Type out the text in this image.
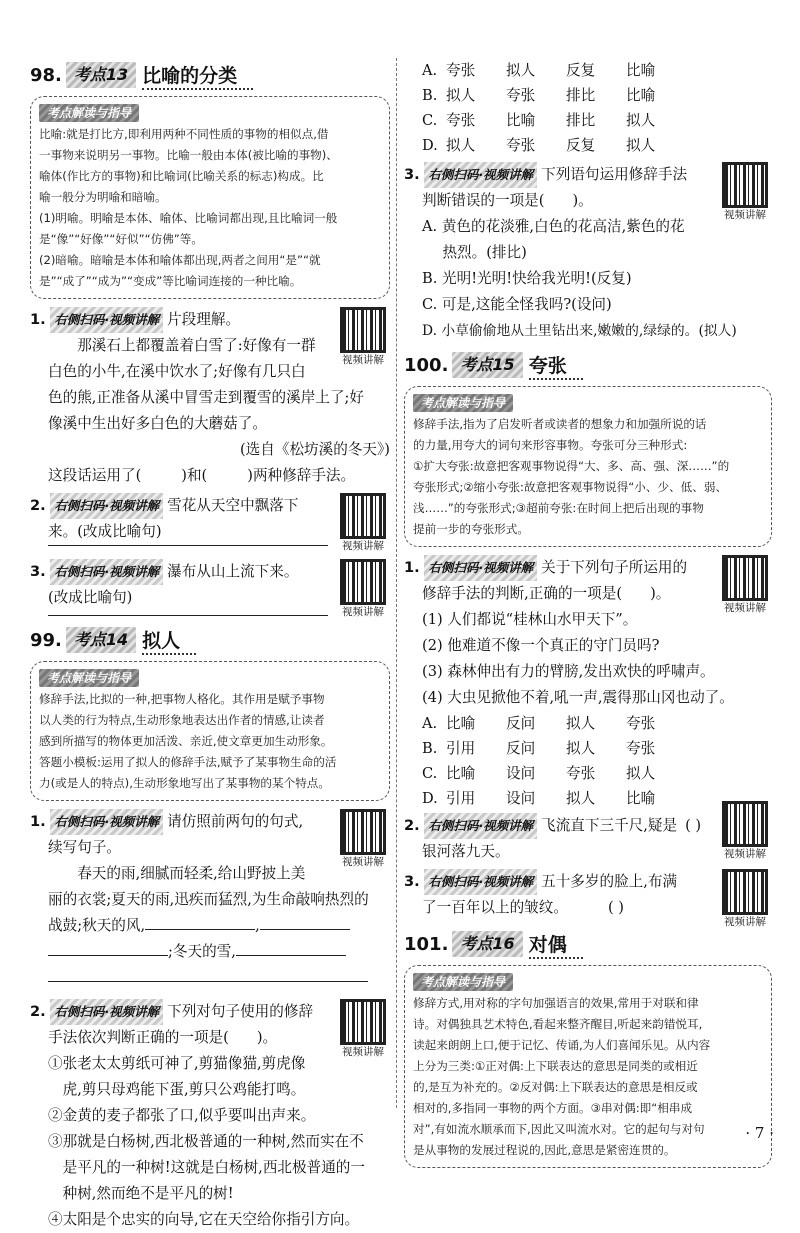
98. 考点13 比喻的分类
考点解读与指导
比喻:就是打比方,即利用两种不同性质的事物的相似点,借
一事物来说明另一事物。比喻一般由本体(被比喻的事物)、
喻体(作比方的事物)和比喻词(比喻关系的标志)构成。比
喻一般分为明喻和暗喻。
(1)明喻。明喻是本体、喻体、比喻词都出现,且比喻词一般
是“像”“好像”“好似”“仿佛”等。
(2)暗喻。暗喻是本体和喻体都出现,两者之间用“是”“就
是”“成了”“成为”“变成”等比喻词连接的一种比喻。
视频讲解
1. 右侧扫码·视频讲解 片段理解。
那溪石上都覆盖着白雪了:好像有一群
白色的小牛,在溪中饮水了;好像有几只白
色的熊,正准备从溪中冒雪走到覆雪的溪岸上了;好
像溪中生出好多白色的大蘑菇了。
(选自《松坊溪的冬天》)
这段话运用了(	)和(	)两种修辞手法。
视频讲解
2. 右侧扫码·视频讲解 雪花从天空中飘落下
来。(改成比喻句)
视频讲解
3. 右侧扫码·视频讲解 瀑布从山上流下来。
(改成比喻句)
99. 考点14 拟人
考点解读与指导
修辞手法,比拟的一种,把事物人格化。其作用是赋予事物
以人类的行为特点,生动形象地表达出作者的情感,让读者
感到所描写的物体更加活泼、亲近,使文章更加生动形象。
答题小模板:运用了拟人的修辞手法,赋予了某事物生命的活
力(或是人的特点),生动形象地写出了某事物的某个特点。
视频讲解
1. 右侧扫码·视频讲解 请仿照前两句的句式,
续写句子。
春天的雨,细腻而轻柔,给山野披上美
丽的衣裳;夏天的雨,迅疾而猛烈,为生命敲响热烈的
战鼓;秋天的风,	,
;冬天的雪,
视频讲解
2. 右侧扫码·视频讲解 下列对句子使用的修辞
手法依次判断正确的一项是( )。
①张老太太剪纸可神了,剪猫像猫,剪虎像
虎,剪只母鸡能下蛋,剪只公鸡能打鸣。
②金黄的麦子都张了口,似乎要叫出声来。
③那就是白杨树,西北极普通的一种树,然而实在不
是平凡的一种树!这就是白杨树,西北极普通的一
种树,然而绝不是平凡的树!
④太阳是个忠实的向导,它在天空给你指引方向。
A. 夸张	拟人	反复	比喻
B. 拟人	夸张	排比	比喻
C. 夸张	比喻	排比	拟人
D. 拟人	夸张	反复	拟人
视频讲解
3. 右侧扫码·视频讲解 下列语句运用修辞手法
判断错误的一项是( )。
A. 黄色的花淡雅,白色的花高洁,紫色的花
热烈。(排比)
B. 光明!光明!快给我光明!(反复)
C. 可是,这能全怪我吗?(设问)
D. 小草偷偷地从土里钻出来,嫩嫩的,绿绿的。(拟人)
100. 考点15 夸张
考点解读与指导
修辞手法,指为了启发听者或读者的想象力和加强所说的话
的力量,用夸大的词句来形容事物。夸张可分三种形式:
①扩大夸张:故意把客观事物说得“大、多、高、强、深……”的
夸张形式;②缩小夸张:故意把客观事物说得“小、少、低、弱、
浅……”的夸张形式;③超前夸张:在时间上把后出现的事物
提前一步的夸张形式。
视频讲解
1. 右侧扫码·视频讲解 关于下列句子所运用的
修辞手法的判断,正确的一项是( )。
(1) 人们都说“桂林山水甲天下”。
(2) 他难道不像一个真正的守门员吗?
(3) 森林伸出有力的臂膀,发出欢快的呼啸声。
(4) 大虫见掀他不着,吼一声,震得那山冈也动了。
A. 比喻	反问	拟人	夸张
B. 引用	反问	拟人	夸张
C. 比喻	设问	夸张	拟人
D. 引用	设问	拟人	比喻
视频讲解
2. 右侧扫码·视频讲解 飞流直下三千尺,疑是 ( )
银河落九天。
视频讲解
3. 右侧扫码·视频讲解 五十多岁的脸上,布满
了一百年以上的皱纹。	( )
101. 考点16 对偶
考点解读与指导
修辞方式,用对称的字句加强语言的效果,常用于对联和律
诗。对偶独具艺术特色,看起来整齐醒目,听起来韵错悦耳,
读起来朗朗上口,便于记忆、传诵,为人们喜闻乐见。从内容
上分为三类:①正对偶:上下联表达的意思是同类的或相近
的,是互为补充的。②反对偶:上下联表达的意思是相反或
相对的,多指同一事物的两个方面。③串对偶:即“相串成
对”,有如流水顺承而下,因此又叫流水对。它的起句与对句
是从事物的发展过程说的,因此,意思是紧密连贯的。
· 7 ·
